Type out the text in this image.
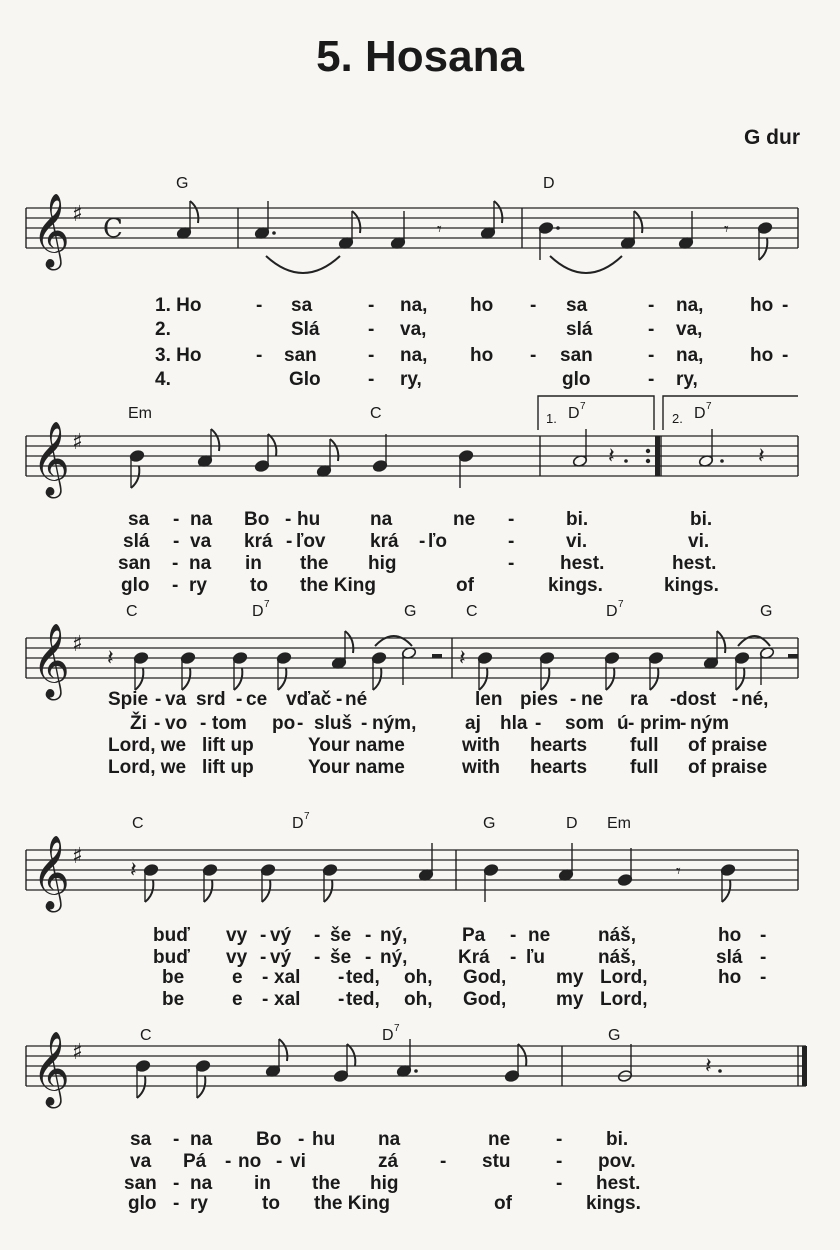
5. Hosana
G dur
𝄞 ♯ C	𝄾	𝄾
𝄞 ♯
𝄽	𝄽
𝄞 ♯
𝄽	𝄽
𝄞 ♯
𝄽	𝄾
𝄞 ♯
𝄽
G	D
Em	C	D	D
C	D	G	C	D	G
C	D	G	D Em
C	D	G
7	7
7	7
7
7
1.	2.
1. Ho	- sa	- na, ho - sa	- na, ho -
2.	Slá	- va,	slá	- va,
3. Ho	- san	- na, ho - san	- na, ho -
4.	Glo - ry,	glo	- ry,
sa - na Bo - hu	na	ne -	bi.	bi.
slá - va krá - ľov krá - ľo	-	vi.	vi.
san - na in the hig	- hest.	hest.
glo - ry to the King	of	kings.	kings.
Spie - va srd - ce vďač - né	len pies - ne ra - dost - né,
Ži - vo - tom po - sluš - ným,	aj hla - som ú - prim
- ným
Lord, we lift up	Your name	with hearts full of praise
Lord, we lift up	Your name	with hearts full of praise
buď vy - vý - še - ný,	Pa - ne	náš,	ho -
buď vy - vý - še - ný,	Krá - ľu	náš,	slá -
be	e - xal - ted, oh, God,	my Lord,	ho -
be	e - xal - ted, oh, God,	my Lord,
sa - na Bo - hu na	ne - bi.
va Pá - no - vi	zá - stu - pov.
san - na in the hig	- hest.
glo - ry	to the King	of	kings.
